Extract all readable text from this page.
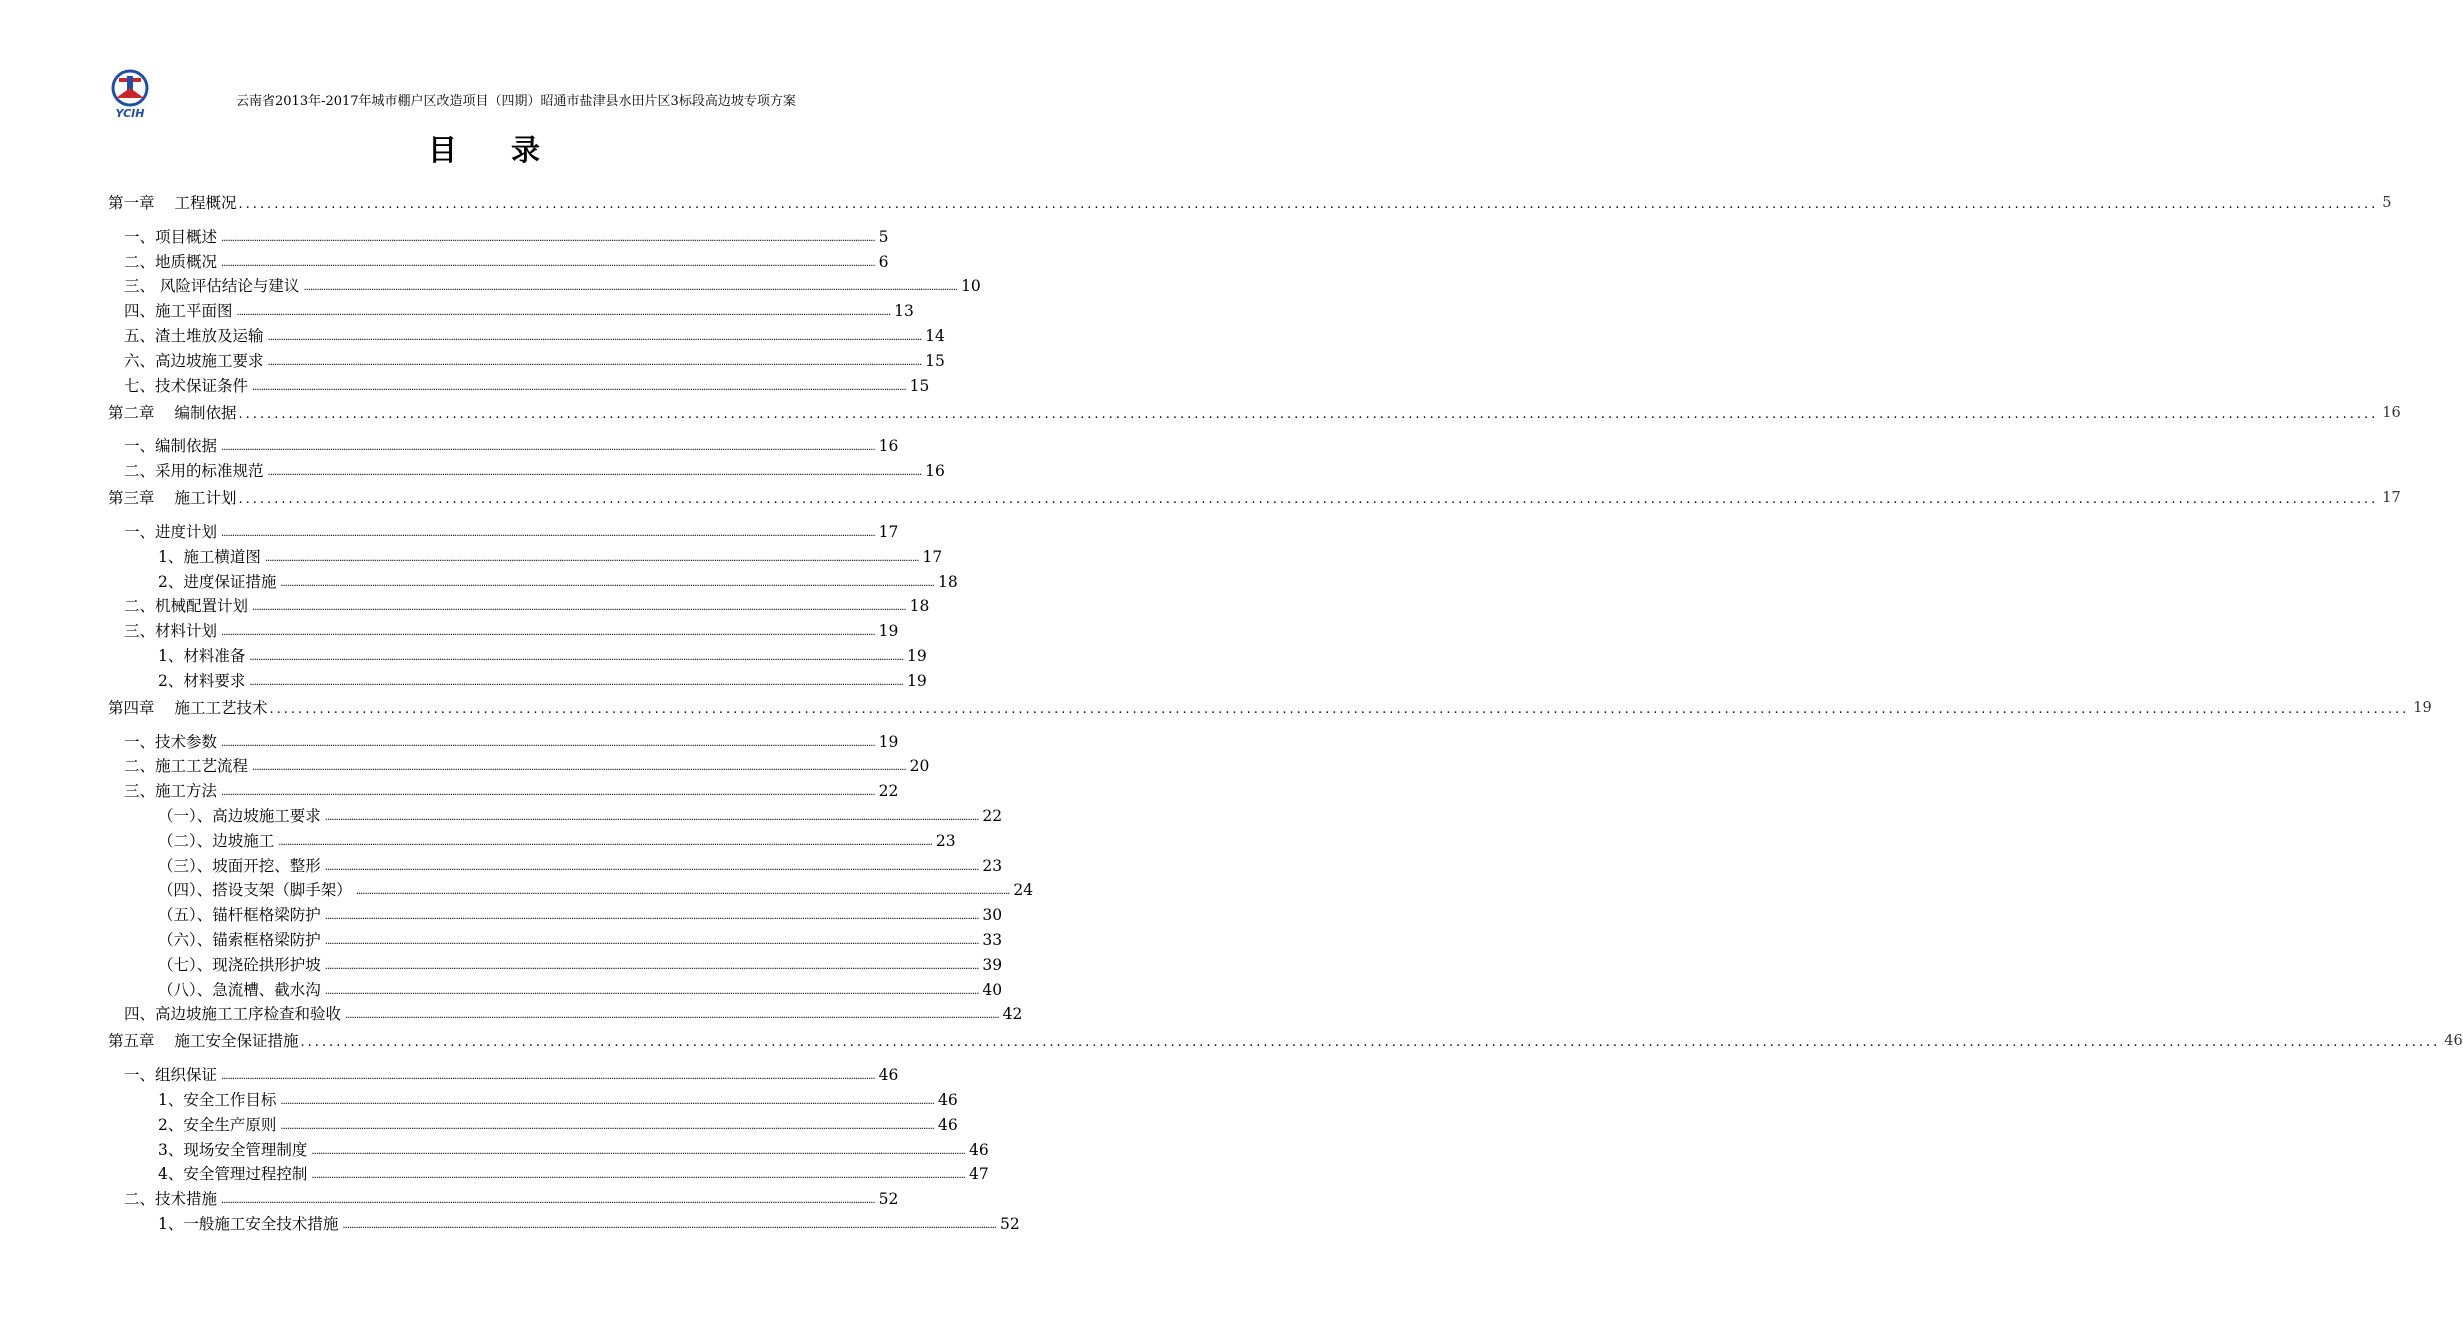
YCIH
云南省2013年-2017年城市棚户区改造项目（四期）昭通市盐津县水田片区3标段高边坡专项方案
目 录
第一章 工程概况 ............................................................................................................................................................................................................................................................................................................ 5
一、项目概述 ............................................................................................................................................................................................................................................................................................................ 5
二、地质概况 ............................................................................................................................................................................................................................................................................................................ 6
三、 风险评估结论与建议 ............................................................................................................................................................................................................................................................................................................ 10
四、施工平面图 ............................................................................................................................................................................................................................................................................................................ 13
五、渣土堆放及运输 ............................................................................................................................................................................................................................................................................................................ 14
六、高边坡施工要求 ............................................................................................................................................................................................................................................................................................................ 15
七、技术保证条件 ............................................................................................................................................................................................................................................................................................................ 15
第二章 编制依据 ............................................................................................................................................................................................................................................................................................................ 16
一、编制依据 ............................................................................................................................................................................................................................................................................................................ 16
二、采用的标准规范 ............................................................................................................................................................................................................................................................................................................ 16
第三章 施工计划 ............................................................................................................................................................................................................................................................................................................ 17
一、进度计划 ............................................................................................................................................................................................................................................................................................................ 17
1、施工横道图 ............................................................................................................................................................................................................................................................................................................ 17
2、进度保证措施 ............................................................................................................................................................................................................................................................................................................ 18
二、机械配置计划 ............................................................................................................................................................................................................................................................................................................ 18
三、材料计划 ............................................................................................................................................................................................................................................................................................................ 19
1、材料准备 ............................................................................................................................................................................................................................................................................................................ 19
2、材料要求 ............................................................................................................................................................................................................................................................................................................ 19
第四章 施工工艺技术 ............................................................................................................................................................................................................................................................................................................ 19
一、技术参数 ............................................................................................................................................................................................................................................................................................................ 19
二、施工工艺流程 ............................................................................................................................................................................................................................................................................................................ 20
三、施工方法 ............................................................................................................................................................................................................................................................................................................ 22
（一）、高边坡施工要求 ............................................................................................................................................................................................................................................................................................................ 22
（二）、边坡施工 ............................................................................................................................................................................................................................................................................................................ 23
（三）、坡面开挖、整形 ............................................................................................................................................................................................................................................................................................................ 23
（四）、搭设支架（脚手架） ............................................................................................................................................................................................................................................................................................................ 24
（五）、锚杆框格梁防护 ............................................................................................................................................................................................................................................................................................................ 30
（六）、锚索框格梁防护 ............................................................................................................................................................................................................................................................................................................ 33
（七）、现浇砼拱形护坡 ............................................................................................................................................................................................................................................................................................................ 39
（八）、急流槽、截水沟 ............................................................................................................................................................................................................................................................................................................ 40
四、高边坡施工工序检查和验收 ............................................................................................................................................................................................................................................................................................................ 42
第五章 施工安全保证措施 ............................................................................................................................................................................................................................................................................................................ 46
一、组织保证 ............................................................................................................................................................................................................................................................................................................ 46
1、安全工作目标 ............................................................................................................................................................................................................................................................................................................ 46
2、安全生产原则 ............................................................................................................................................................................................................................................................................................................ 46
3、现场安全管理制度 ............................................................................................................................................................................................................................................................................................................ 46
4、安全管理过程控制 ............................................................................................................................................................................................................................................................................................................ 47
二、技术措施 ............................................................................................................................................................................................................................................................................................................ 52
1、一般施工安全技术措施 ............................................................................................................................................................................................................................................................................................................ 52
